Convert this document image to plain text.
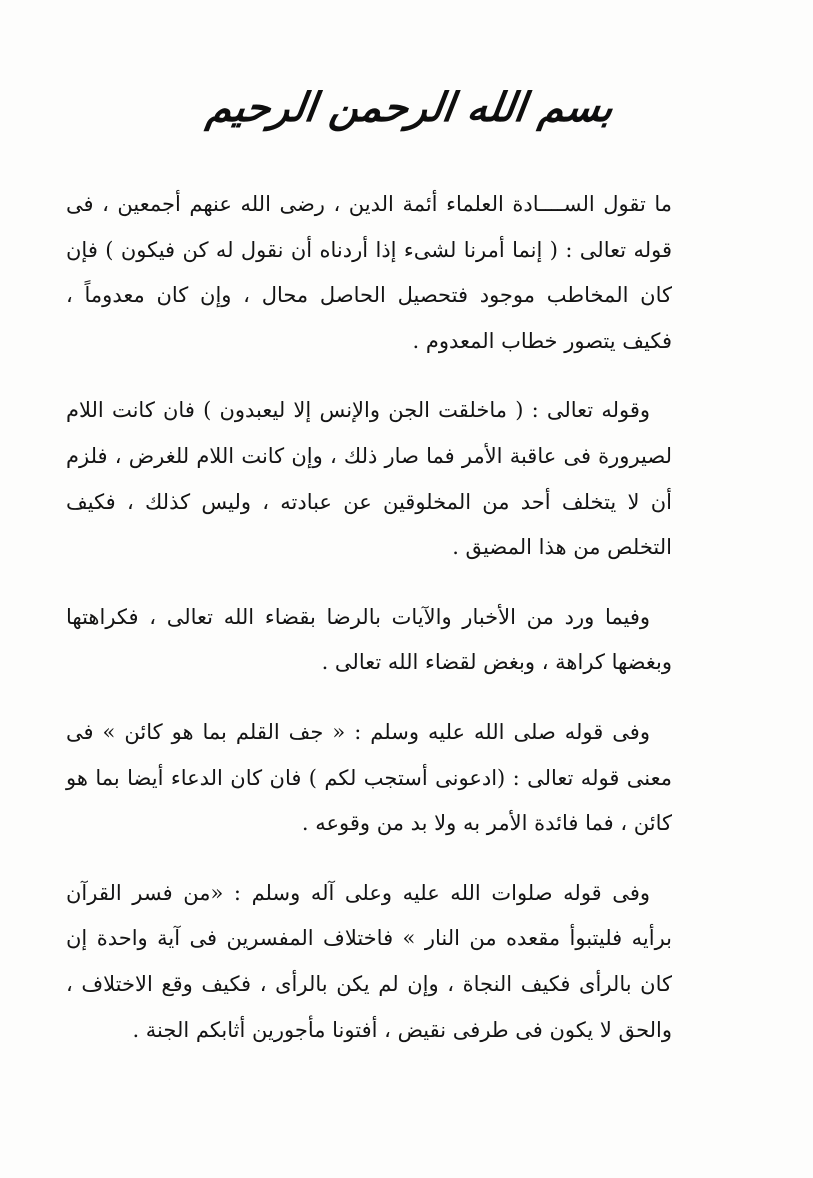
بسم الله الرحمن الرحيم

ما تقول الســــادة العلماء أئمة الدين ، رضى الله عنهم أجمعين ، فى قوله تعالى : ( إنما أمرنا لشىء إذا أردناه أن نقول له كن فيكون ) فإن كان المخاطب موجود فتحصيل الحاصل محال ، وإن كان معدوماً ، فكيف يتصور خطاب المعدوم .

وقوله تعالى : ( ماخلقت الجن والإنس إلا ليعبدون ) فان كانت اللام لصيرورة فى عاقبة الأمر فما صار ذلك ، وإن كانت اللام للغرض ، فلزم أن لا يتخلف أحد من المخلوقين عن عبادته ، وليس كذلك ، فكيف التخلص من هذا المضيق .

وفيما ورد من الأخبار والآيات بالرضا بقضاء الله تعالى ، فكراهتها وبغضها كراهة ، وبغض لقضاء الله تعالى .

وفى قوله صلى الله عليه وسلم : « جف القلم بما هو كائن » فى معنى قوله تعالى : (ادعونى أستجب لكم ) فان كان الدعاء أيضا بما هو كائن ، فما فائدة الأمر به ولا بد من وقوعه .

وفى قوله صلوات الله عليه وعلى آله وسلم : «من فسر القرآن برأيه فليتبوأ مقعده من النار » فاختلاف المفسرين فى آية واحدة إن كان بالرأى فكيف النجاة ، وإن لم يكن بالرأى ، فكيف وقع الاختلاف ، والحق لا يكون فى طرفى نقيض ، أفتونا مأجورين أثابكم الجنة .
